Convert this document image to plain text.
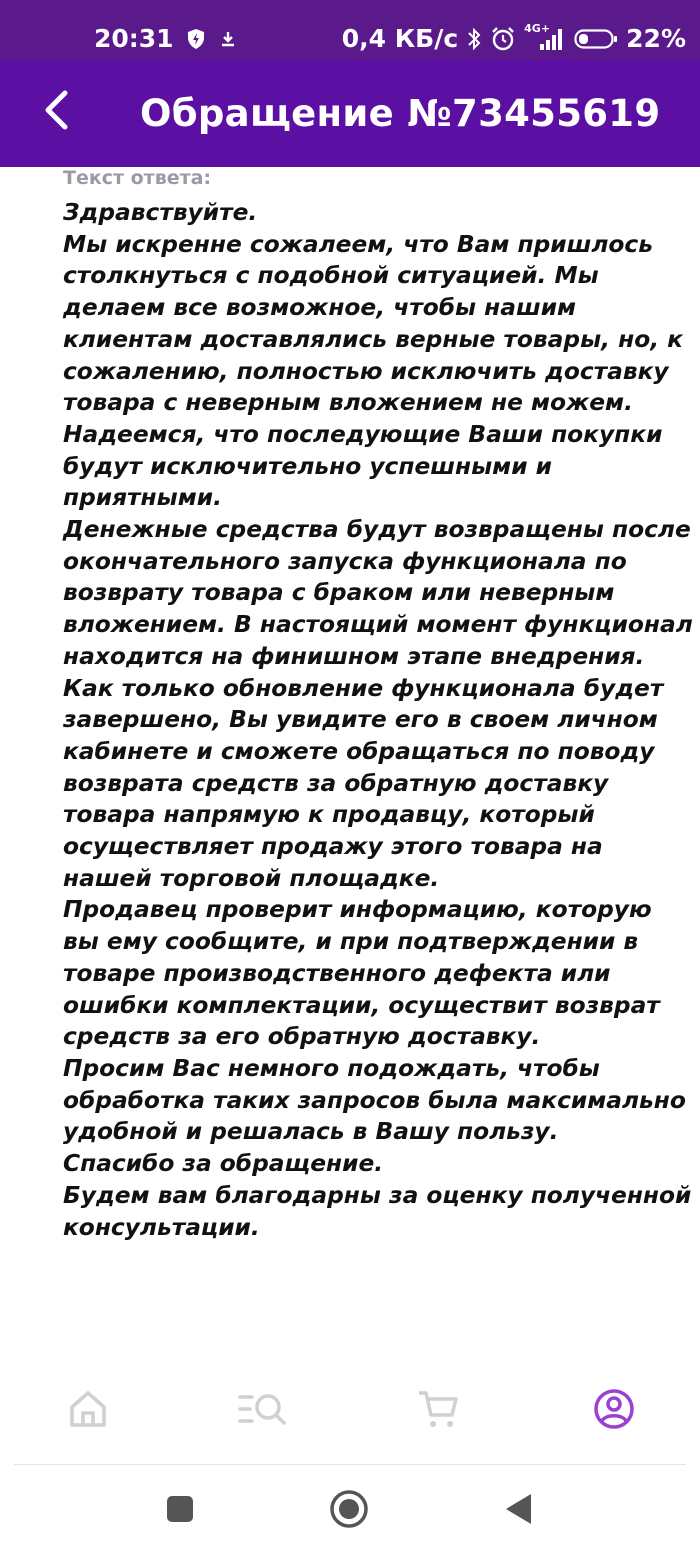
20:31	0,4 КБ/с	4G+	22%
Обращение №73455619
Текст ответа:

Здравствуйте.

Мы искренне сожалеем, что Вам пришлось столкнуться с подобной ситуацией. Мы делаем все возможное, чтобы нашим клиентам доставлялись верные товары, но, к сожалению, полностью исключить доставку товара с неверным вложением не можем.

Надеемся, что последующие Ваши покупки будут исключительно успешными и приятными.

Денежные средства будут возвращены после окончательного запуска функционала по возврату товара с браком или неверным вложением. В настоящий момент функционал находится на финишном этапе внедрения.

Как только обновление функционала будет завершено, Вы увидите его в своем личном кабинете и сможете обращаться по поводу возврата средств за обратную доставку товара напрямую к продавцу, который осуществляет продажу этого товара на нашей торговой площадке.

Продавец проверит информацию, которую вы ему сообщите, и при подтверждении в товаре производственного дефекта или ошибки комплектации, осуществит возврат средств за его обратную доставку.

Просим Вас немного подождать, чтобы обработка таких запросов была максимально удобной и решалась в Вашу пользу.

Спасибо за обращение.

Будем вам благодарны за оценку полученной консультации.
